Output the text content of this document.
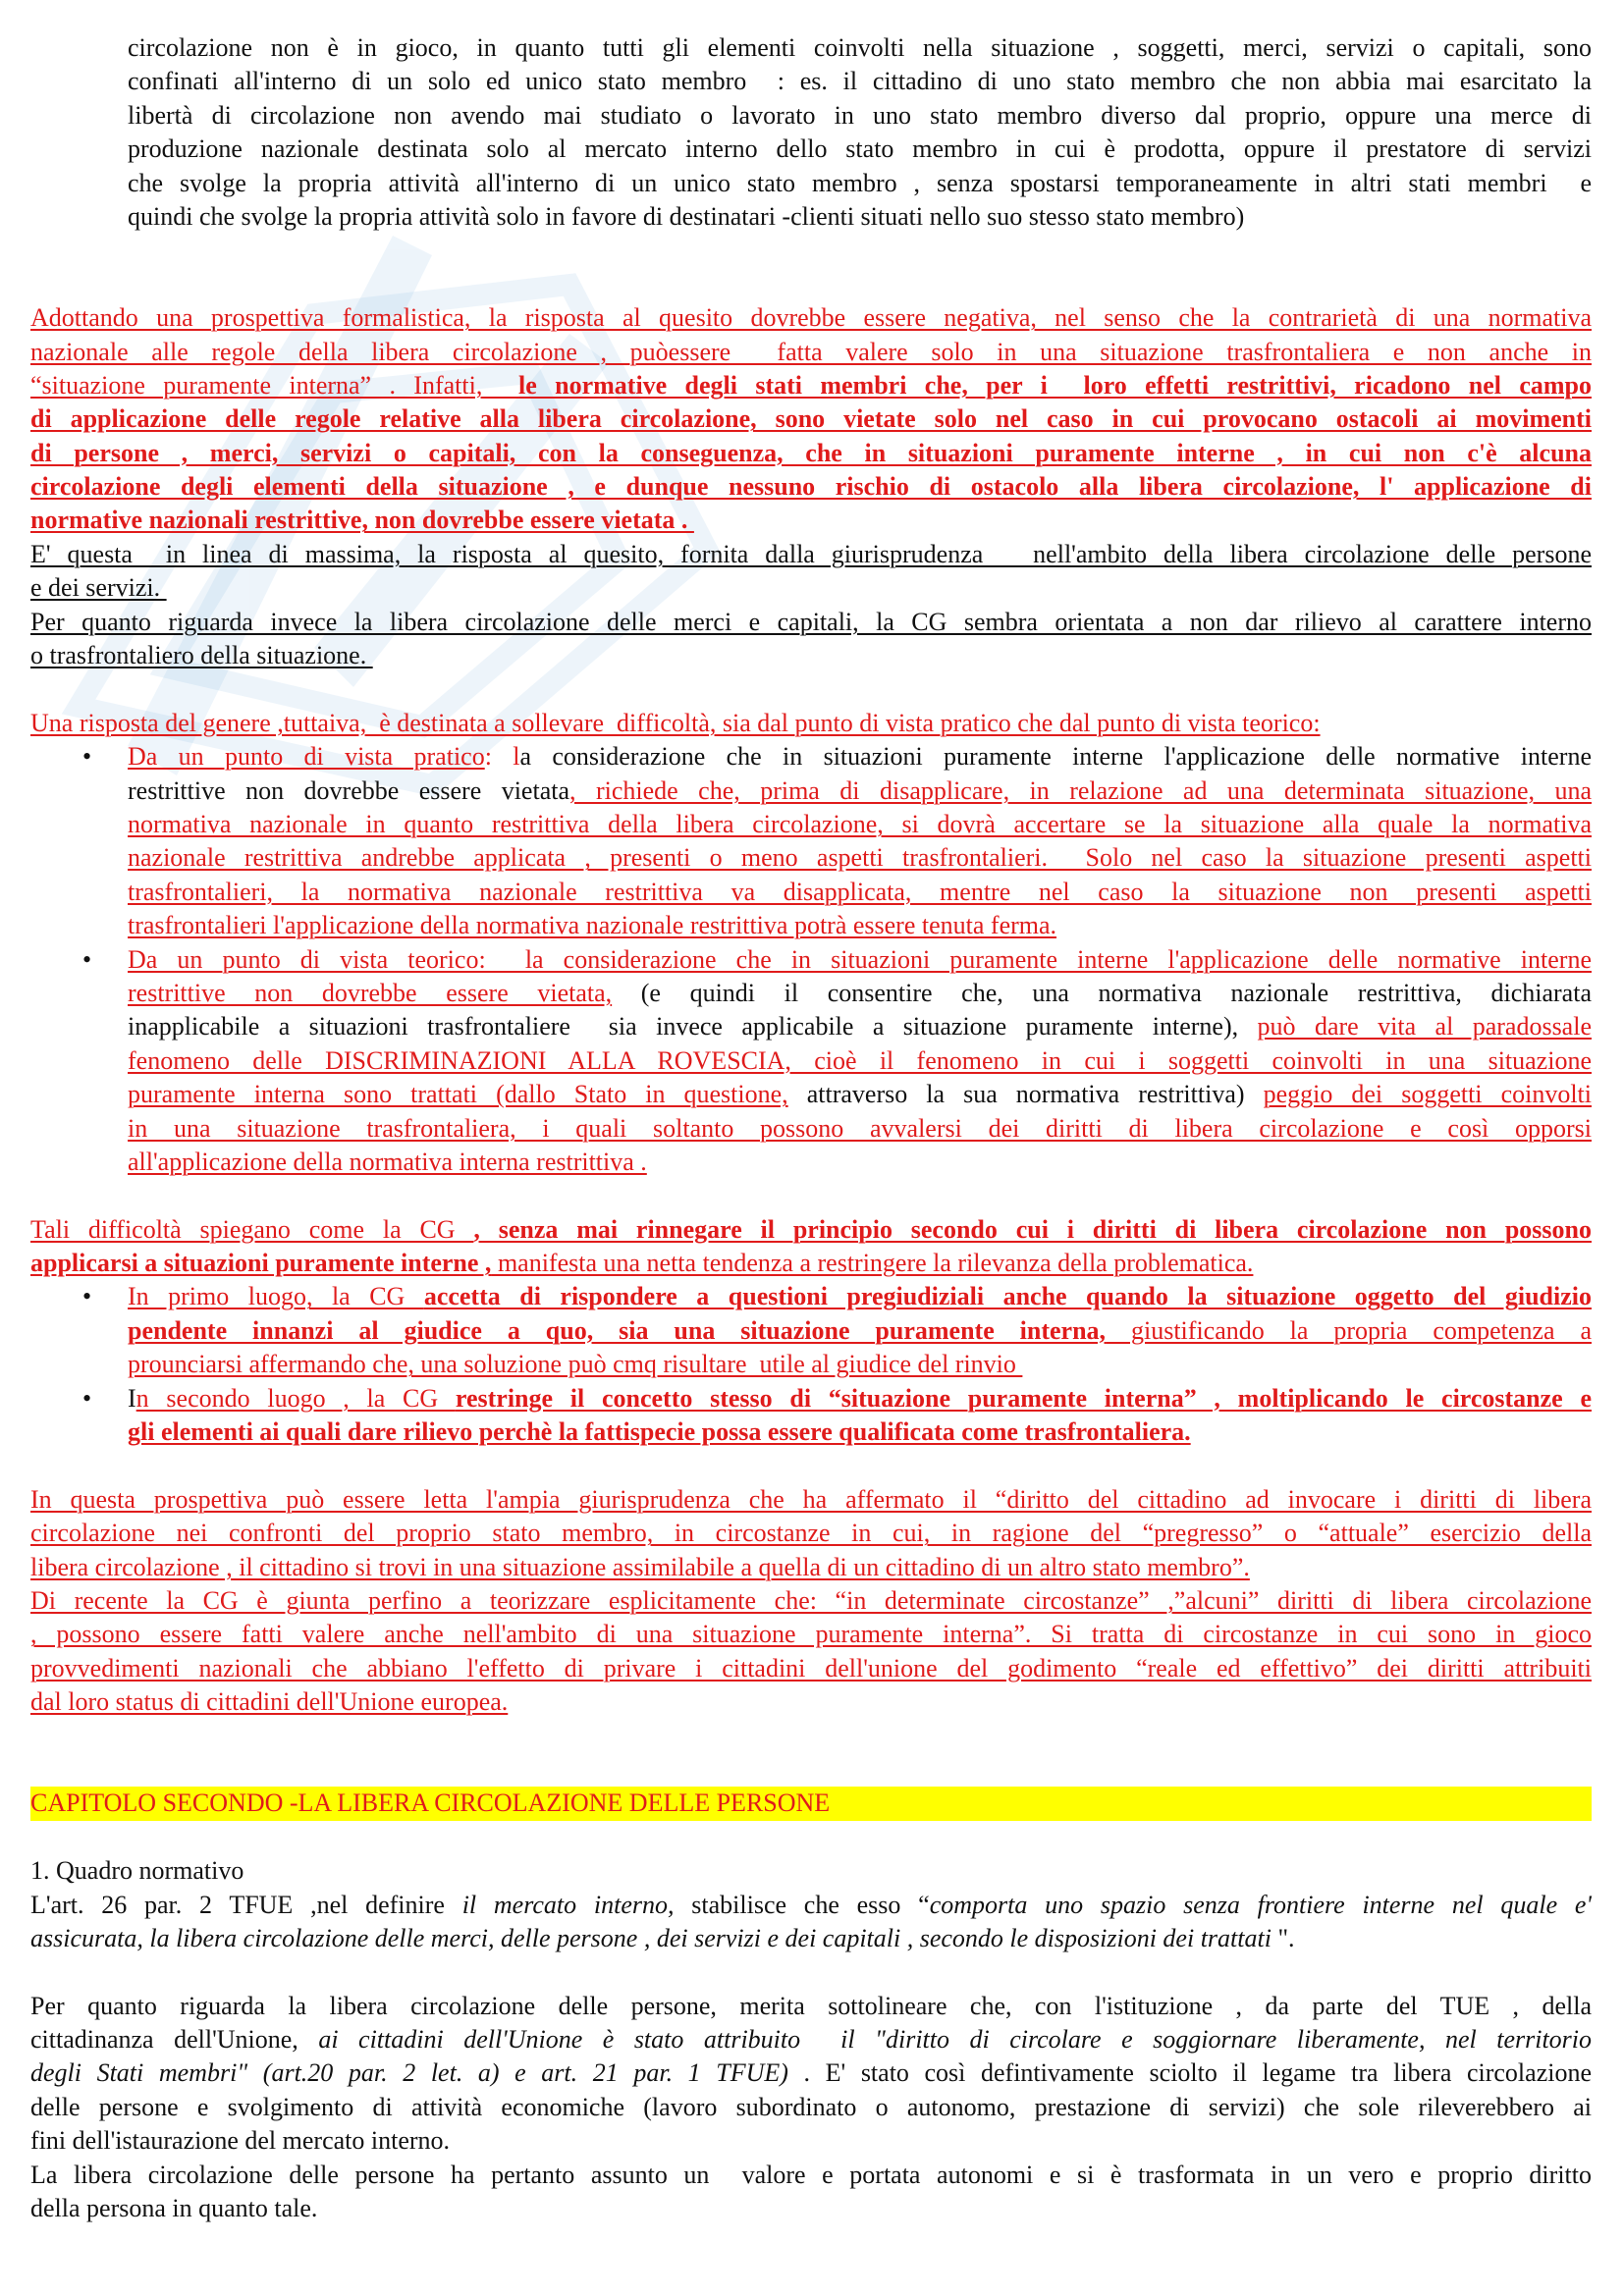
circolazione non è in gioco, in quanto tutti gli elementi coinvolti nella situazione , soggetti, merci, servizi o capitali, sono
confinati all'interno di un solo ed unico stato membro  : es. il cittadino di uno stato membro che non abbia mai esarcitato la
libertà di circolazione non avendo mai studiato o lavorato in uno stato membro diverso dal proprio, oppure una merce di
produzione nazionale destinata solo al mercato interno dello stato membro in cui è prodotta, oppure il prestatore di servizi
che svolge la propria attività all'interno di un unico stato membro , senza spostarsi temporaneamente in altri stati membri  e
quindi che svolge la propria attività solo in favore di destinatari -clienti situati nello suo stesso stato membro)
Adottando una prospettiva formalistica, la risposta al quesito dovrebbe essere negativa, nel senso che la contrarietà di una normativa
nazionale alle regole della libera circolazione , puòessere  fatta valere solo in una situazione trasfrontaliera e non anche in
“situazione puramente interna” . Infatti,  le normative degli stati membri che, per i  loro effetti restrittivi, ricadono nel campo
di applicazione delle regole relative alla libera circolazione, sono vietate solo nel caso in cui provocano ostacoli ai movimenti
di persone , merci, servizi o capitali, con la conseguenza, che in situazioni puramente interne , in cui non c'è alcuna
circolazione degli elementi della situazione , e dunque nessuno rischio di ostacolo alla libera circolazione, l' applicazione di
normative nazionali restrittive, non dovrebbe essere vietata .
E' questa  in linea di massima, la risposta al quesito, fornita dalla giurisprudenza   nell'ambito della libera circolazione delle persone
e dei servizi.
Per quanto riguarda invece la libera circolazione delle merci e capitali, la CG sembra orientata a non dar rilievo al carattere interno
o trasfrontaliero della situazione.
Una risposta del genere ,tuttaiva,  è destinata a sollevare  difficoltà, sia dal punto di vista pratico che dal punto di vista teorico:
• Da un punto di vista pratico: la considerazione che in situazioni puramente interne l'applicazione delle normative interne
restrittive non dovrebbe essere vietata, richiede che, prima di disapplicare, in relazione ad una determinata situazione, una
normativa nazionale in quanto restrittiva della libera circolazione, si dovrà accertare se la situazione alla quale la normativa
nazionale restrittiva andrebbe applicata , presenti o meno aspetti trasfrontalieri.  Solo nel caso la situazione presenti aspetti
trasfrontalieri, la normativa nazionale restrittiva va disapplicata, mentre nel caso la situazione non presenti aspetti
trasfrontalieri l'applicazione della normativa nazionale restrittiva potrà essere tenuta ferma.
• Da un punto di vista teorico:  la considerazione che in situazioni puramente interne l'applicazione delle normative interne
restrittive non dovrebbe essere vietata, (e quindi il consentire che, una normativa nazionale restrittiva, dichiarata
inapplicabile a situazioni trasfrontaliere  sia invece applicabile a situazione puramente interne), può dare vita al paradossale
fenomeno delle DISCRIMINAZIONI ALLA ROVESCIA, cioè il fenomeno in cui i soggetti coinvolti in una situazione
puramente interna sono trattati (dallo Stato in questione, attraverso la sua normativa restrittiva) peggio dei soggetti coinvolti
in una situazione trasfrontaliera, i quali soltanto possono avvalersi dei diritti di libera circolazione e così opporsi
all'applicazione della normativa interna restrittiva .
Tali difficoltà spiegano come la CG , senza mai rinnegare il principio secondo cui i diritti di libera circolazione non possono
applicarsi a situazioni puramente interne , manifesta una netta tendenza a restringere la rilevanza della problematica.
• In primo luogo, la CG accetta di rispondere a questioni pregiudiziali anche quando la situazione oggetto del giudizio
pendente innanzi al giudice a quo, sia una situazione puramente interna, giustificando la propria competenza a
prounciarsi affermando che, una soluzione può cmq risultare  utile al giudice del rinvio
• In secondo luogo , la CG restringe il concetto stesso di “situazione puramente interna” , moltiplicando le circostanze e
gli elementi ai quali dare rilievo perchè la fattispecie possa essere qualificata come trasfrontaliera.
In questa prospettiva può essere letta l'ampia giurisprudenza che ha affermato il “diritto del cittadino ad invocare i diritti di libera
circolazione nei confronti del proprio stato membro, in circostanze in cui, in ragione del “pregresso” o “attuale” esercizio della
libera circolazione , il cittadino si trovi in una situazione assimilabile a quella di un cittadino di un altro stato membro”.
Di recente la CG è giunta perfino a teorizzare esplicitamente che: “in determinate circostanze” ,”alcuni” diritti di libera circolazione
, possono essere fatti valere anche nell'ambito di una situazione puramente interna”. Si tratta di circostanze in cui sono in gioco
provvedimenti nazionali che abbiano l'effetto di privare i cittadini dell'unione del godimento “reale ed effettivo” dei diritti attribuiti
dal loro status di cittadini dell'Unione europea.
CAPITOLO SECONDO -LA LIBERA CIRCOLAZIONE DELLE PERSONE
1. Quadro normativo
L'art. 26 par. 2 TFUE ,nel definire il mercato interno, stabilisce che esso “comporta uno spazio senza frontiere interne nel quale e'
assicurata, la libera circolazione delle merci, delle persone , dei servizi e dei capitali , secondo le disposizioni dei trattati ".
Per quanto riguarda la libera circolazione delle persone, merita sottolineare che, con l'istituzione , da parte del TUE , della
cittadinanza dell'Unione, ai cittadini dell'Unione è stato attribuito  il "diritto di circolare e soggiornare liberamente, nel territorio
degli Stati membri" (art.20 par. 2 let. a) e art. 21 par. 1 TFUE) . E' stato così defintivamente sciolto il legame tra libera circolazione
delle persone e svolgimento di attività economiche (lavoro subordinato o autonomo, prestazione di servizi) che sole rileverebbero ai
fini dell'istaurazione del mercato interno.
La libera circolazione delle persone ha pertanto assunto un  valore e portata autonomi e si è trasformata in un vero e proprio diritto
della persona in quanto tale.
